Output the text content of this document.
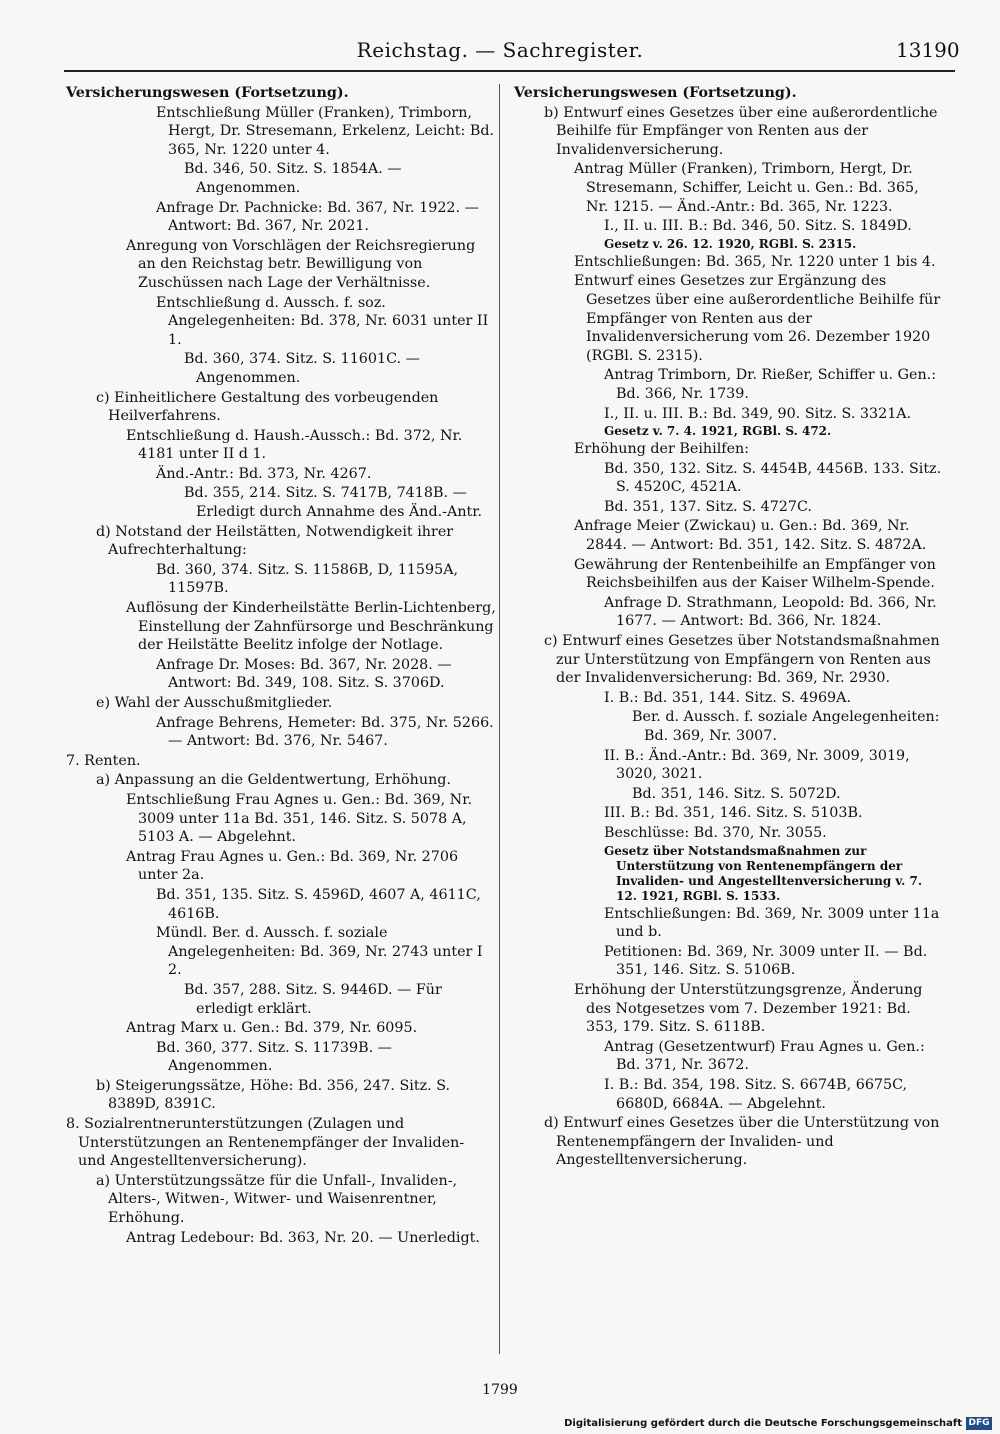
Reichstag. — Sachregister.	13190
Versicherungswesen (Fortsetzung).
Entschließung Müller (Franken), Trimborn, Hergt, Dr. Stresemann, Erkelenz, Leicht: Bd. 365, Nr. 1220 unter 4.
Bd. 346, 50. Sitz. S. 1854A. — Angenommen.
Anfrage Dr. Pachnicke: Bd. 367, Nr. 1922. — Antwort: Bd. 367, Nr. 2021.
Anregung von Vorschlägen der Reichsregierung an den Reichstag betr. Bewilligung von Zuschüssen nach Lage der Verhältnisse.
Entschließung d. Aussch. f. soz. Angelegenheiten: Bd. 378, Nr. 6031 unter II 1.
Bd. 360, 374. Sitz. S. 11601C. — Angenommen.
c) Einheitlichere Gestaltung des vorbeugenden Heilverfahrens.
Entschließung d. Haush.-Aussch.: Bd. 372, Nr. 4181 unter II d 1.
Änd.-Antr.: Bd. 373, Nr. 4267.
Bd. 355, 214. Sitz. S. 7417B, 7418B. — Erledigt durch Annahme des Änd.-Antr.
d) Notstand der Heilstätten, Notwendigkeit ihrer Aufrechterhaltung:
Bd. 360, 374. Sitz. S. 11586B, D, 11595A, 11597B.
Auflösung der Kinderheilstätte Berlin-Lichtenberg, Einstellung der Zahnfürsorge und Beschränkung der Heilstätte Beelitz infolge der Notlage.
Anfrage Dr. Moses: Bd. 367, Nr. 2028. — Antwort: Bd. 349, 108. Sitz. S. 3706D.
e) Wahl der Ausschußmitglieder.
Anfrage Behrens, Hemeter: Bd. 375, Nr. 5266. — Antwort: Bd. 376, Nr. 5467.
7. Renten.
a) Anpassung an die Geldentwertung, Erhöhung.
Entschließung Frau Agnes u. Gen.: Bd. 369, Nr. 3009 unter 11a Bd. 351, 146. Sitz. S. 5078 A, 5103 A. — Abgelehnt.
Antrag Frau Agnes u. Gen.: Bd. 369, Nr. 2706 unter 2a.
Bd. 351, 135. Sitz. S. 4596D, 4607 A, 4611C, 4616B.
Mündl. Ber. d. Aussch. f. soziale Angelegenheiten: Bd. 369, Nr. 2743 unter I 2.
Bd. 357, 288. Sitz. S. 9446D. — Für erledigt erklärt.
Antrag Marx u. Gen.: Bd. 379, Nr. 6095.
Bd. 360, 377. Sitz. S. 11739B. — Angenommen.
b) Steigerungssätze, Höhe: Bd. 356, 247. Sitz. S. 8389D, 8391C.
8. Sozialrentnerunterstützungen (Zulagen und Unterstützungen an Rentenempfänger der Invaliden- und Angestelltenversicherung).
a) Unterstützungssätze für die Unfall-, Invaliden-, Alters-, Witwen-, Witwer- und Waisenrentner, Erhöhung.
Antrag Ledebour: Bd. 363, Nr. 20. — Unerledigt.
Versicherungswesen (Fortsetzung).
b) Entwurf eines Gesetzes über eine außerordentliche Beihilfe für Empfänger von Renten aus der Invalidenversicherung.
Antrag Müller (Franken), Trimborn, Hergt, Dr. Stresemann, Schiffer, Leicht u. Gen.: Bd. 365, Nr. 1215. — Änd.-Antr.: Bd. 365, Nr. 1223.
I., II. u. III. B.: Bd. 346, 50. Sitz. S. 1849D.
Gesetz v. 26. 12. 1920, RGBl. S. 2315.
Entschließungen: Bd. 365, Nr. 1220 unter 1 bis 4.
Entwurf eines Gesetzes zur Ergänzung des Gesetzes über eine außerordentliche Beihilfe für Empfänger von Renten aus der Invalidenversicherung vom 26. Dezember 1920 (RGBl. S. 2315).
Antrag Trimborn, Dr. Rießer, Schiffer u. Gen.: Bd. 366, Nr. 1739.
I., II. u. III. B.: Bd. 349, 90. Sitz. S. 3321A.
Gesetz v. 7. 4. 1921, RGBl. S. 472.
Erhöhung der Beihilfen:
Bd. 350, 132. Sitz. S. 4454B, 4456B. 133. Sitz. S. 4520C, 4521A.
Bd. 351, 137. Sitz. S. 4727C.
Anfrage Meier (Zwickau) u. Gen.: Bd. 369, Nr. 2844. — Antwort: Bd. 351, 142. Sitz. S. 4872A.
Gewährung der Rentenbeihilfe an Empfänger von Reichsbeihilfen aus der Kaiser Wilhelm-Spende.
Anfrage D. Strathmann, Leopold: Bd. 366, Nr. 1677. — Antwort: Bd. 366, Nr. 1824.
c) Entwurf eines Gesetzes über Notstandsmaßnahmen zur Unterstützung von Empfängern von Renten aus der Invalidenversicherung: Bd. 369, Nr. 2930.
I. B.: Bd. 351, 144. Sitz. S. 4969A.
Ber. d. Aussch. f. soziale Angelegenheiten: Bd. 369, Nr. 3007.
II. B.: Änd.-Antr.: Bd. 369, Nr. 3009, 3019, 3020, 3021.
Bd. 351, 146. Sitz. S. 5072D.
III. B.: Bd. 351, 146. Sitz. S. 5103B.
Beschlüsse: Bd. 370, Nr. 3055.
Gesetz über Notstandsmaßnahmen zur Unterstützung von Rentenempfängern der Invaliden- und Angestelltenversicherung v. 7. 12. 1921, RGBl. S. 1533.
Entschließungen: Bd. 369, Nr. 3009 unter 11a und b.
Petitionen: Bd. 369, Nr. 3009 unter II. — Bd. 351, 146. Sitz. S. 5106B.
Erhöhung der Unterstützungsgrenze, Änderung des Notgesetzes vom 7. Dezember 1921: Bd. 353, 179. Sitz. S. 6118B.
Antrag (Gesetzentwurf) Frau Agnes u. Gen.: Bd. 371, Nr. 3672.
I. B.: Bd. 354, 198. Sitz. S. 6674B, 6675C, 6680D, 6684A. — Abgelehnt.
d) Entwurf eines Gesetzes über die Unterstützung von Rentenempfängern der Invaliden- und Angestelltenversicherung.
1799
Digitalisierung gefördert durch die Deutsche Forschungsgemeinschaft DFG
